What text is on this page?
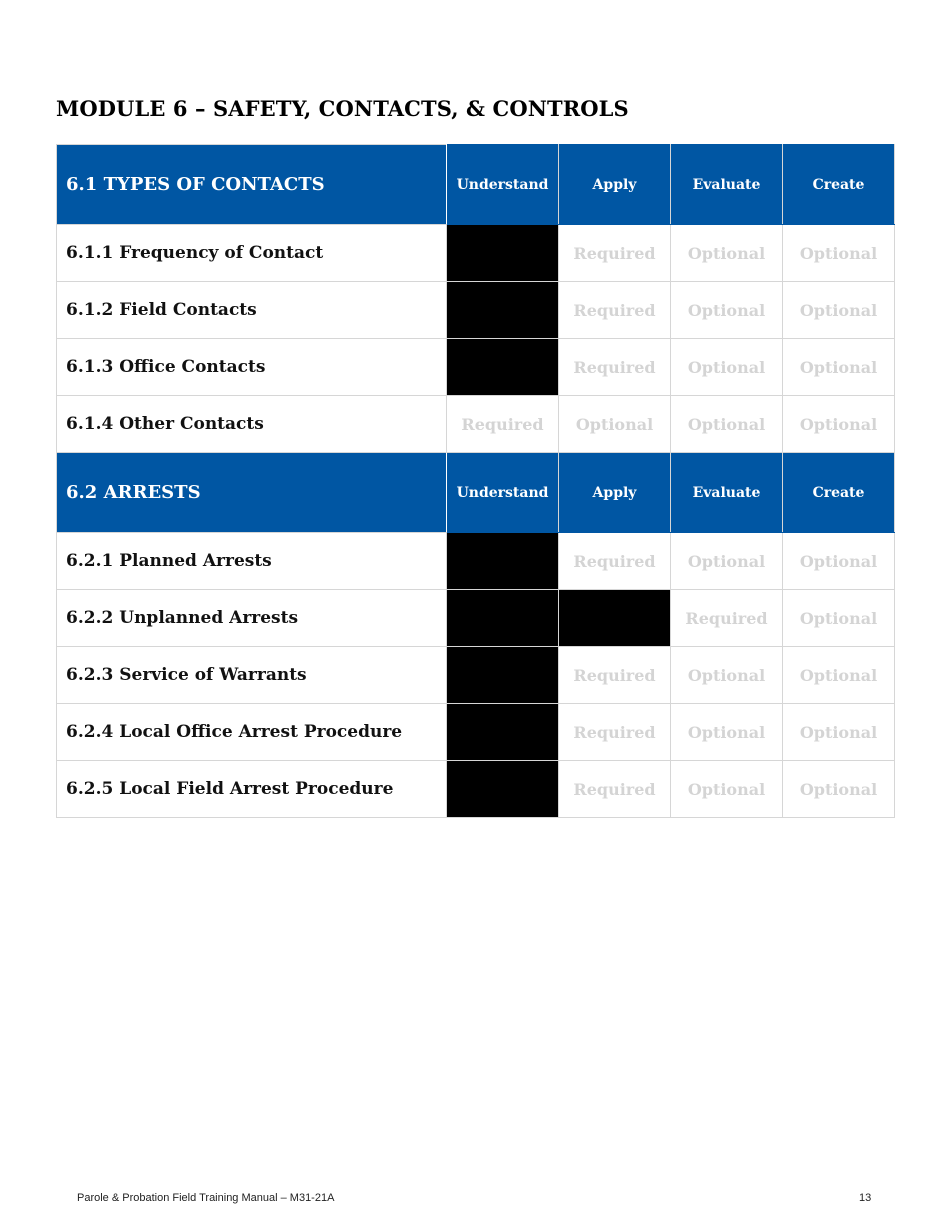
MODULE 6 – SAFETY, CONTACTS, & CONTROLS
6.1 TYPES OF CONTACTS	Understand	Apply	Evaluate	Create
6.1.1 Frequency of Contact		Required	Optional	Optional
6.1.2 Field Contacts		Required	Optional	Optional
6.1.3 Office Contacts		Required	Optional	Optional
6.1.4 Other Contacts	Required	Optional	Optional	Optional
6.2 ARRESTS	Understand	Apply	Evaluate	Create
6.2.1 Planned Arrests		Required	Optional	Optional
6.2.2 Unplanned Arrests			Required	Optional
6.2.3 Service of Warrants		Required	Optional	Optional
6.2.4 Local Office Arrest Procedure		Required	Optional	Optional
6.2.5 Local Field Arrest Procedure		Required	Optional	Optional
Parole & Probation Field Training Manual – M31-21A	13
